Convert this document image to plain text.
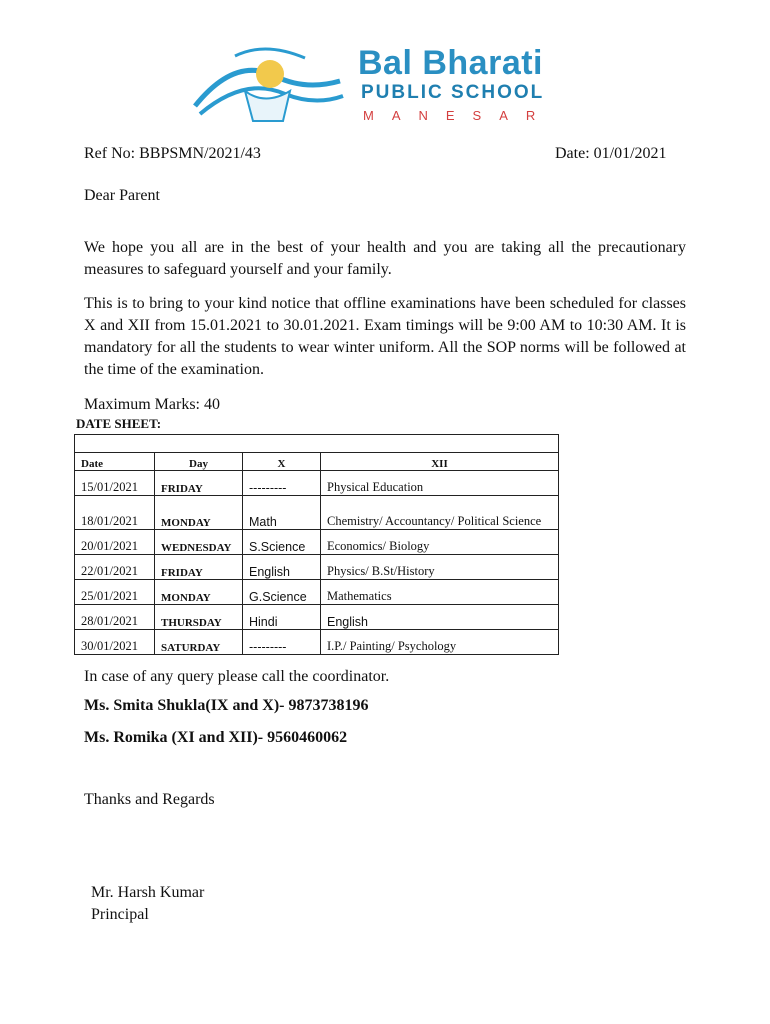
Bal Bharati
PUBLIC SCHOOL
MANESAR
Ref No: BBPSMN/2021/43	Date: 01/01/2021
Dear Parent
We hope you all are in the best of your health and you are taking all the precautionary measures to safeguard yourself and your family.
This is to bring to your kind notice that offline examinations have been scheduled for classes X and XII from 15.01.2021 to 30.01.2021. Exam timings will be 9:00 AM to 10:30 AM. It is mandatory for all the students to wear winter uniform. All the SOP norms will be followed at the time of the examination.
Maximum Marks: 40
DATE SHEET:

Date	Day	X	XII
15/01/2021	FRIDAY	---------	Physical Education
18/01/2021	MONDAY	Math	Chemistry/ Accountancy/ Political Science
20/01/2021	WEDNESDAY	S.Science	Economics/ Biology
22/01/2021	FRIDAY	English	Physics/ B.St/History
25/01/2021	MONDAY	G.Science	Mathematics
28/01/2021	THURSDAY	Hindi	English
30/01/2021	SATURDAY	---------	I.P./ Painting/ Psychology
In case of any query please call the coordinator.
Ms. Smita Shukla(IX and X)- 9873738196
Ms. Romika (XI and XII)- 9560460062
Thanks and Regards
Mr. Harsh Kumar
Principal
